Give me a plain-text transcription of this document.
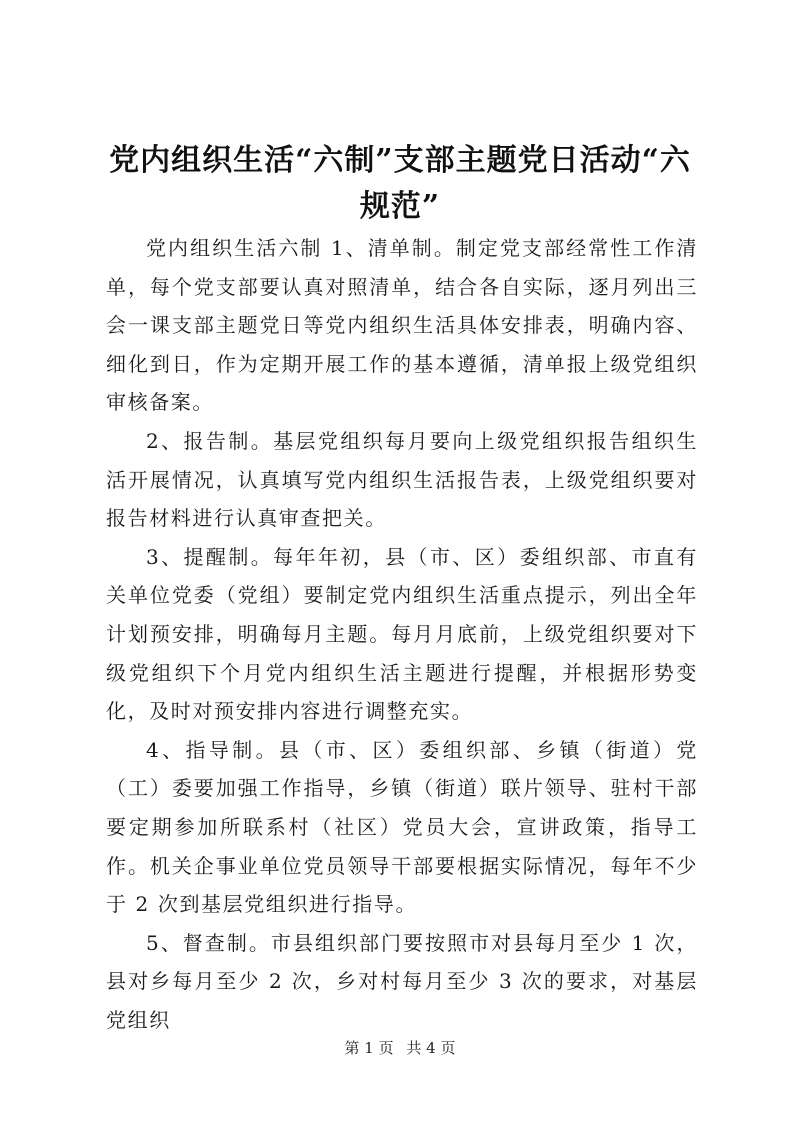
党内组织生活“六制”支部主题党日活动“六规范”

党内组织生活六制 1、清单制。制定党支部经常性工作清单，每个党支部要认真对照清单，结合各自实际，逐月列出三会一课支部主题党日等党内组织生活具体安排表，明确内容、细化到日，作为定期开展工作的基本遵循，清单报上级党组织审核备案。

2、报告制。基层党组织每月要向上级党组织报告组织生活开展情况，认真填写党内组织生活报告表，上级党组织要对报告材料进行认真审查把关。

3、提醒制。每年年初，县（市、区）委组织部、市直有关单位党委（党组）要制定党内组织生活重点提示，列出全年计划预安排，明确每月主题。每月月底前，上级党组织要对下级党组织下个月党内组织生活主题进行提醒，并根据形势变化，及时对预安排内容进行调整充实。

4、指导制。县（市、区）委组织部、乡镇（街道）党（工）委要加强工作指导，乡镇（街道）联片领导、驻村干部要定期参加所联系村（社区）党员大会，宣讲政策，指导工作。机关企事业单位党员领导干部要根据实际情况，每年不少于 2 次到基层党组织进行指导。

5、督查制。市县组织部门要按照市对县每月至少 1 次，县对乡每月至少 2 次，乡对村每月至少 3 次的要求，对基层党组织

第 1 页 共 4 页
